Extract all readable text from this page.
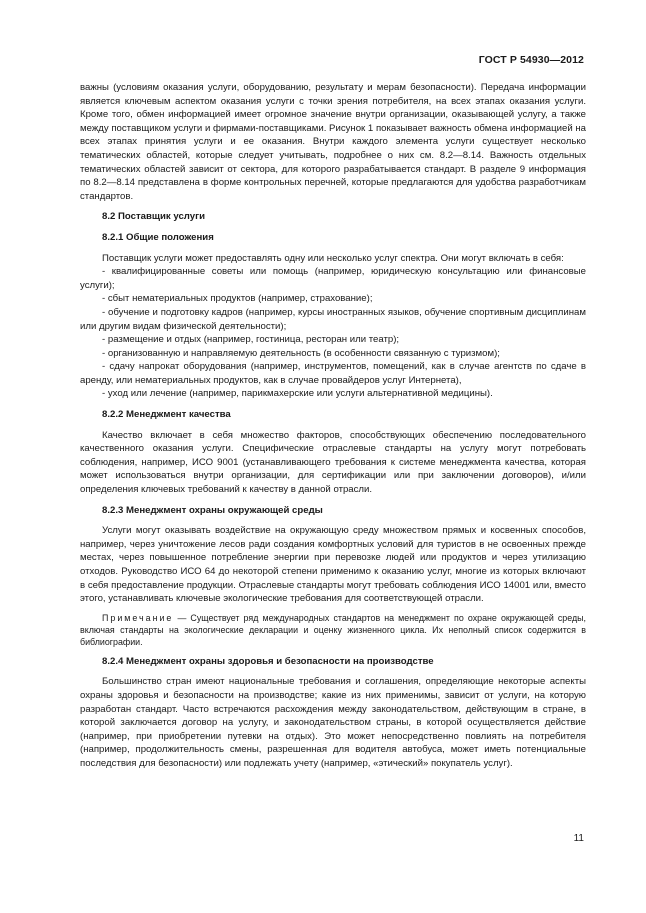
ГОСТ Р 54930—2012

важны (условиям оказания услуги, оборудованию, результату и мерам безопасности). Передача информации является ключевым аспектом оказания услуги с точки зрения потребителя, на всех этапах оказания услуги. Кроме того, обмен информацией имеет огромное значение внутри организации, оказывающей услугу, а также между поставщиком услуги и фирмами-поставщиками. Рисунок 1 показывает важность обмена информацией на всех этапах принятия услуги и ее оказания. Внутри каждого элемента услуги существует несколько тематических областей, которые следует учитывать, подробнее о них см. 8.2—8.14. Важность отдельных тематических областей зависит от сектора, для которого разрабатывается стандарт. В разделе 9 информация по 8.2—8.14 представлена в форме контрольных перечней, которые предлагаются для удобства разработчикам стандартов.

8.2 Поставщик услуги

8.2.1 Общие положения

Поставщик услуги может предоставлять одну или несколько услуг спектра. Они могут включать в себя:

- квалифицированные советы или помощь (например, юридическую консультацию или финансовые услуги);

- сбыт нематериальных продуктов (например, страхование);

- обучение и подготовку кадров (например, курсы иностранных языков, обучение спортивным дисциплинам или другим видам физической деятельности);

- размещение и отдых (например, гостиница, ресторан или театр);

- организованную и направляемую деятельность (в особенности связанную с туризмом);

- сдачу напрокат оборудования (например, инструментов, помещений, как в случае агентств по сдаче в аренду, или нематериальных продуктов, как в случае провайдеров услуг Интернета),

- уход или лечение (например, парикмахерские или услуги альтернативной медицины).

8.2.2 Менеджмент качества

Качество включает в себя множество факторов, способствующих обеспечению последовательного качественного оказания услуги. Специфические отраслевые стандарты на услугу могут потребовать соблюдения, например, ИСО 9001 (устанавливающего требования к системе менеджмента качества, которая может использоваться внутри организации, для сертификации или при заключении договоров), и/или определения ключевых требований к качеству в данной отрасли.

8.2.3 Менеджмент охраны окружающей среды

Услуги могут оказывать воздействие на окружающую среду множеством прямых и косвенных способов, например, через уничтожение лесов ради создания комфортных условий для туристов в не освоенных прежде местах, через повышенное потребление энергии при перевозке людей или продуктов и через утилизацию отходов. Руководство ИСО 64 до некоторой степени применимо к оказанию услуг, многие из которых включают в себя предоставление продукции. Отраслевые стандарты могут требовать соблюдения ИСО 14001 или, вместо этого, устанавливать ключевые экологические требования для соответствующей отрасли.

Примечание — Существует ряд международных стандартов на менеджмент по охране окружающей среды, включая стандарты на экологические декларации и оценку жизненного цикла. Их неполный список содержится в библиографии.

8.2.4 Менеджмент охраны здоровья и безопасности на производстве

Большинство стран имеют национальные требования и соглашения, определяющие некоторые аспекты охраны здоровья и безопасности на производстве; какие из них применимы, зависит от услуги, на которую разработан стандарт. Часто встречаются расхождения между законодательством, действующим в стране, в которой заключается договор на услугу, и законодательством страны, в которой осуществляется действие (например, при приобретении путевки на отдых). Это может непосредственно повлиять на потребителя (например, продолжительность смены, разрешенная для водителя автобуса, может иметь потенциальные последствия для безопасности) или подлежать учету (например, «этический» покупатель услуг).

11
